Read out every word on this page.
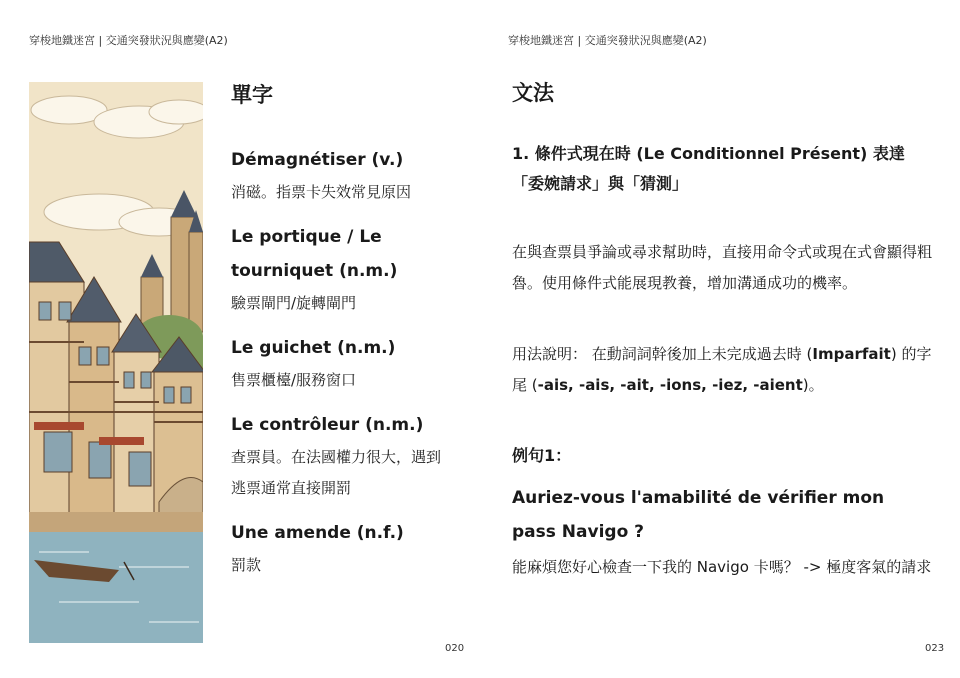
穿梭地鐵迷宮 | 交通突發狀況與應變(A2)
單字

Démagnétiser (v.)

消磁。指票卡失效常見原因

Le portique / Le tourniquet (n.m.)

驗票閘門/旋轉閘門

Le guichet (n.m.)

售票櫃檯/服務窗口

Le contrôleur (n.m.)

查票員。在法國權力很大，遇到逃票通常直接開罰

Une amende (n.f.)

罰款

020
穿梭地鐵迷宮 | 交通突發狀況與應變(A2)
文法

1. 條件式現在時 (Le Conditionnel Présent) 表達「委婉請求」與「猜測」

在與查票員爭論或尋求幫助時，直接用命令式或現在式會顯得粗魯。使用條件式能展現教養，增加溝通成功的機率。

用法說明： 在動詞詞幹後加上未完成過去時 (Imparfait) 的字尾 (-ais, -ais, -ait, -ions, -iez, -aient)。

例句1：

Auriez-vous l'amabilité de vérifier mon pass Navigo ?

能麻煩您好心檢查一下我的 Navigo 卡嗎？ -> 極度客氣的請求

023
